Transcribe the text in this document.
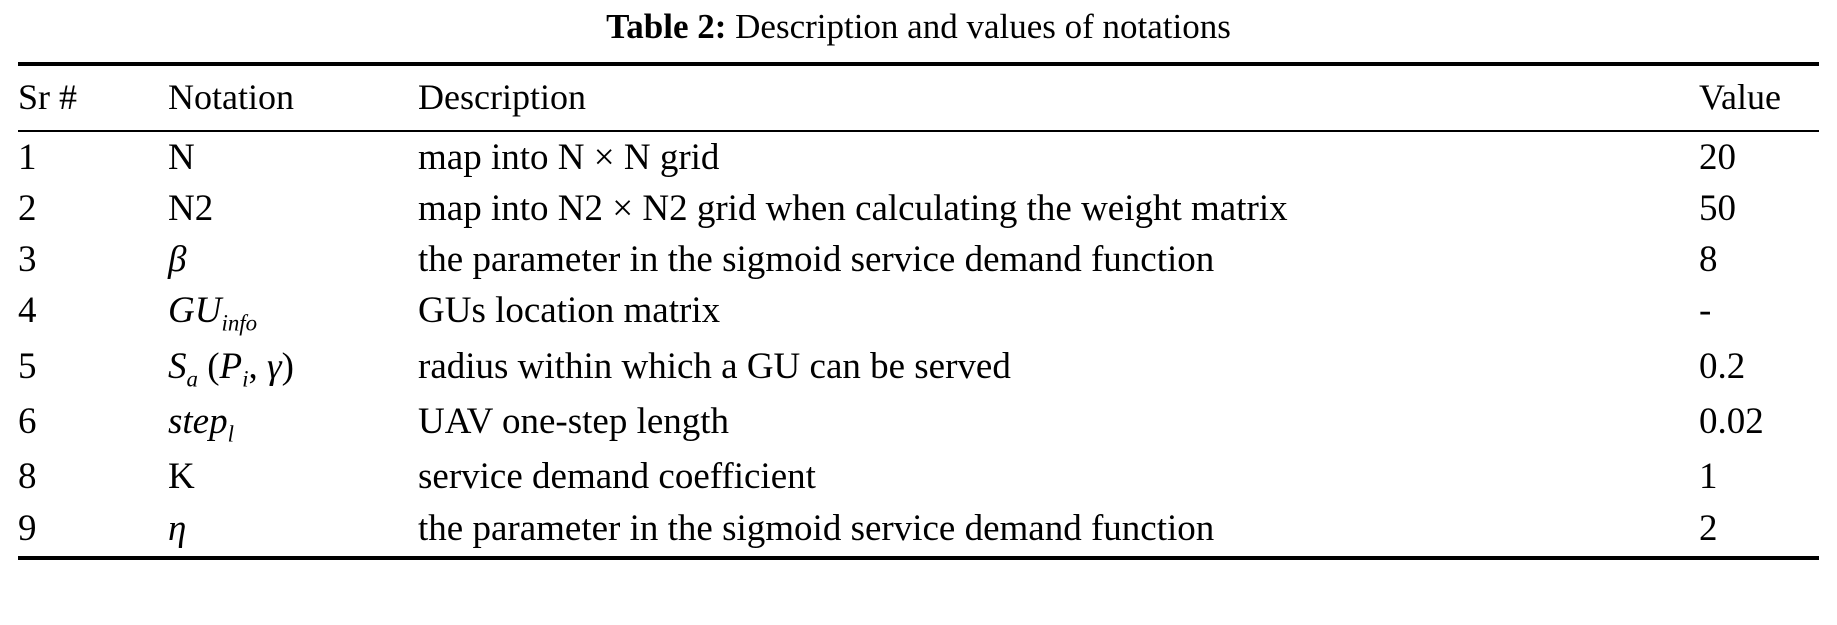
Table 2: Description and values of notations

Sr #	Notation	Description	Value
1	N	map into N × N grid	20
2	N2	map into N2 × N2 grid when calculating the weight matrix	50
3	β	the parameter in the sigmoid service demand function	8
4	$GU_{info}$	GUs location matrix	-
5	$S_a$ ($P_i$, γ)	radius within which a GU can be served	0.2
6	step$_l$	UAV one-step length	0.02
8	K	service demand coefficient	1
9	η	the parameter in the sigmoid service demand function	2
